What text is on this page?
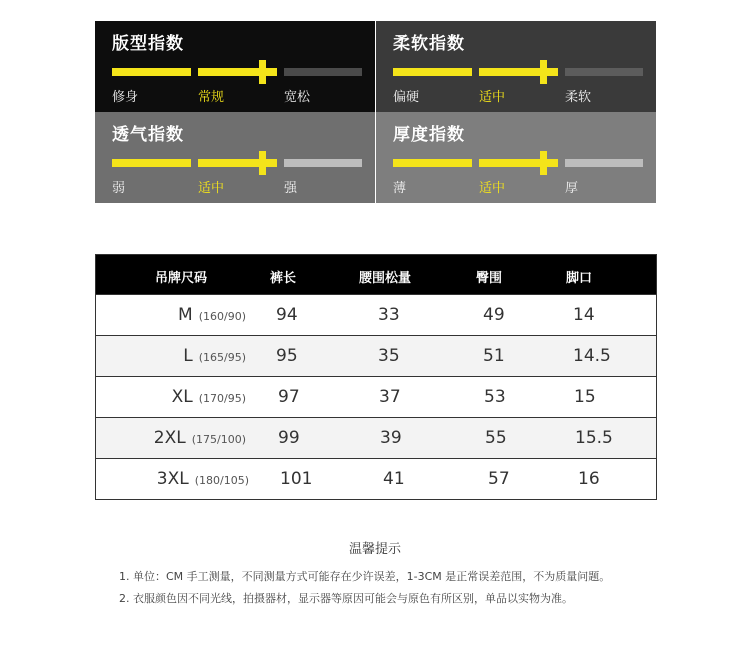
版型指数
修身	常规	宽松
柔软指数
偏硬	适中	柔软
透气指数
弱	适中	强
厚度指数
薄	适中	厚
吊牌尺码	裤长	腰围松量	臀围	脚口
M (160/90) 94	33	49	14
L (165/95) 95	35	51	14.5
XL (170/95) 97	37	53	15
2XL (175/100) 99	39	55	15.5
3XL (180/105) 101	41	57	16
温馨提示
1. 单位：CM 手工测量，不同测量方式可能存在少许误差，1-3CM 是正常误差范围，不为质量问题。
2. 衣服颜色因不同光线，拍摄器材，显示器等原因可能会与原色有所区别，单品以实物为准。
